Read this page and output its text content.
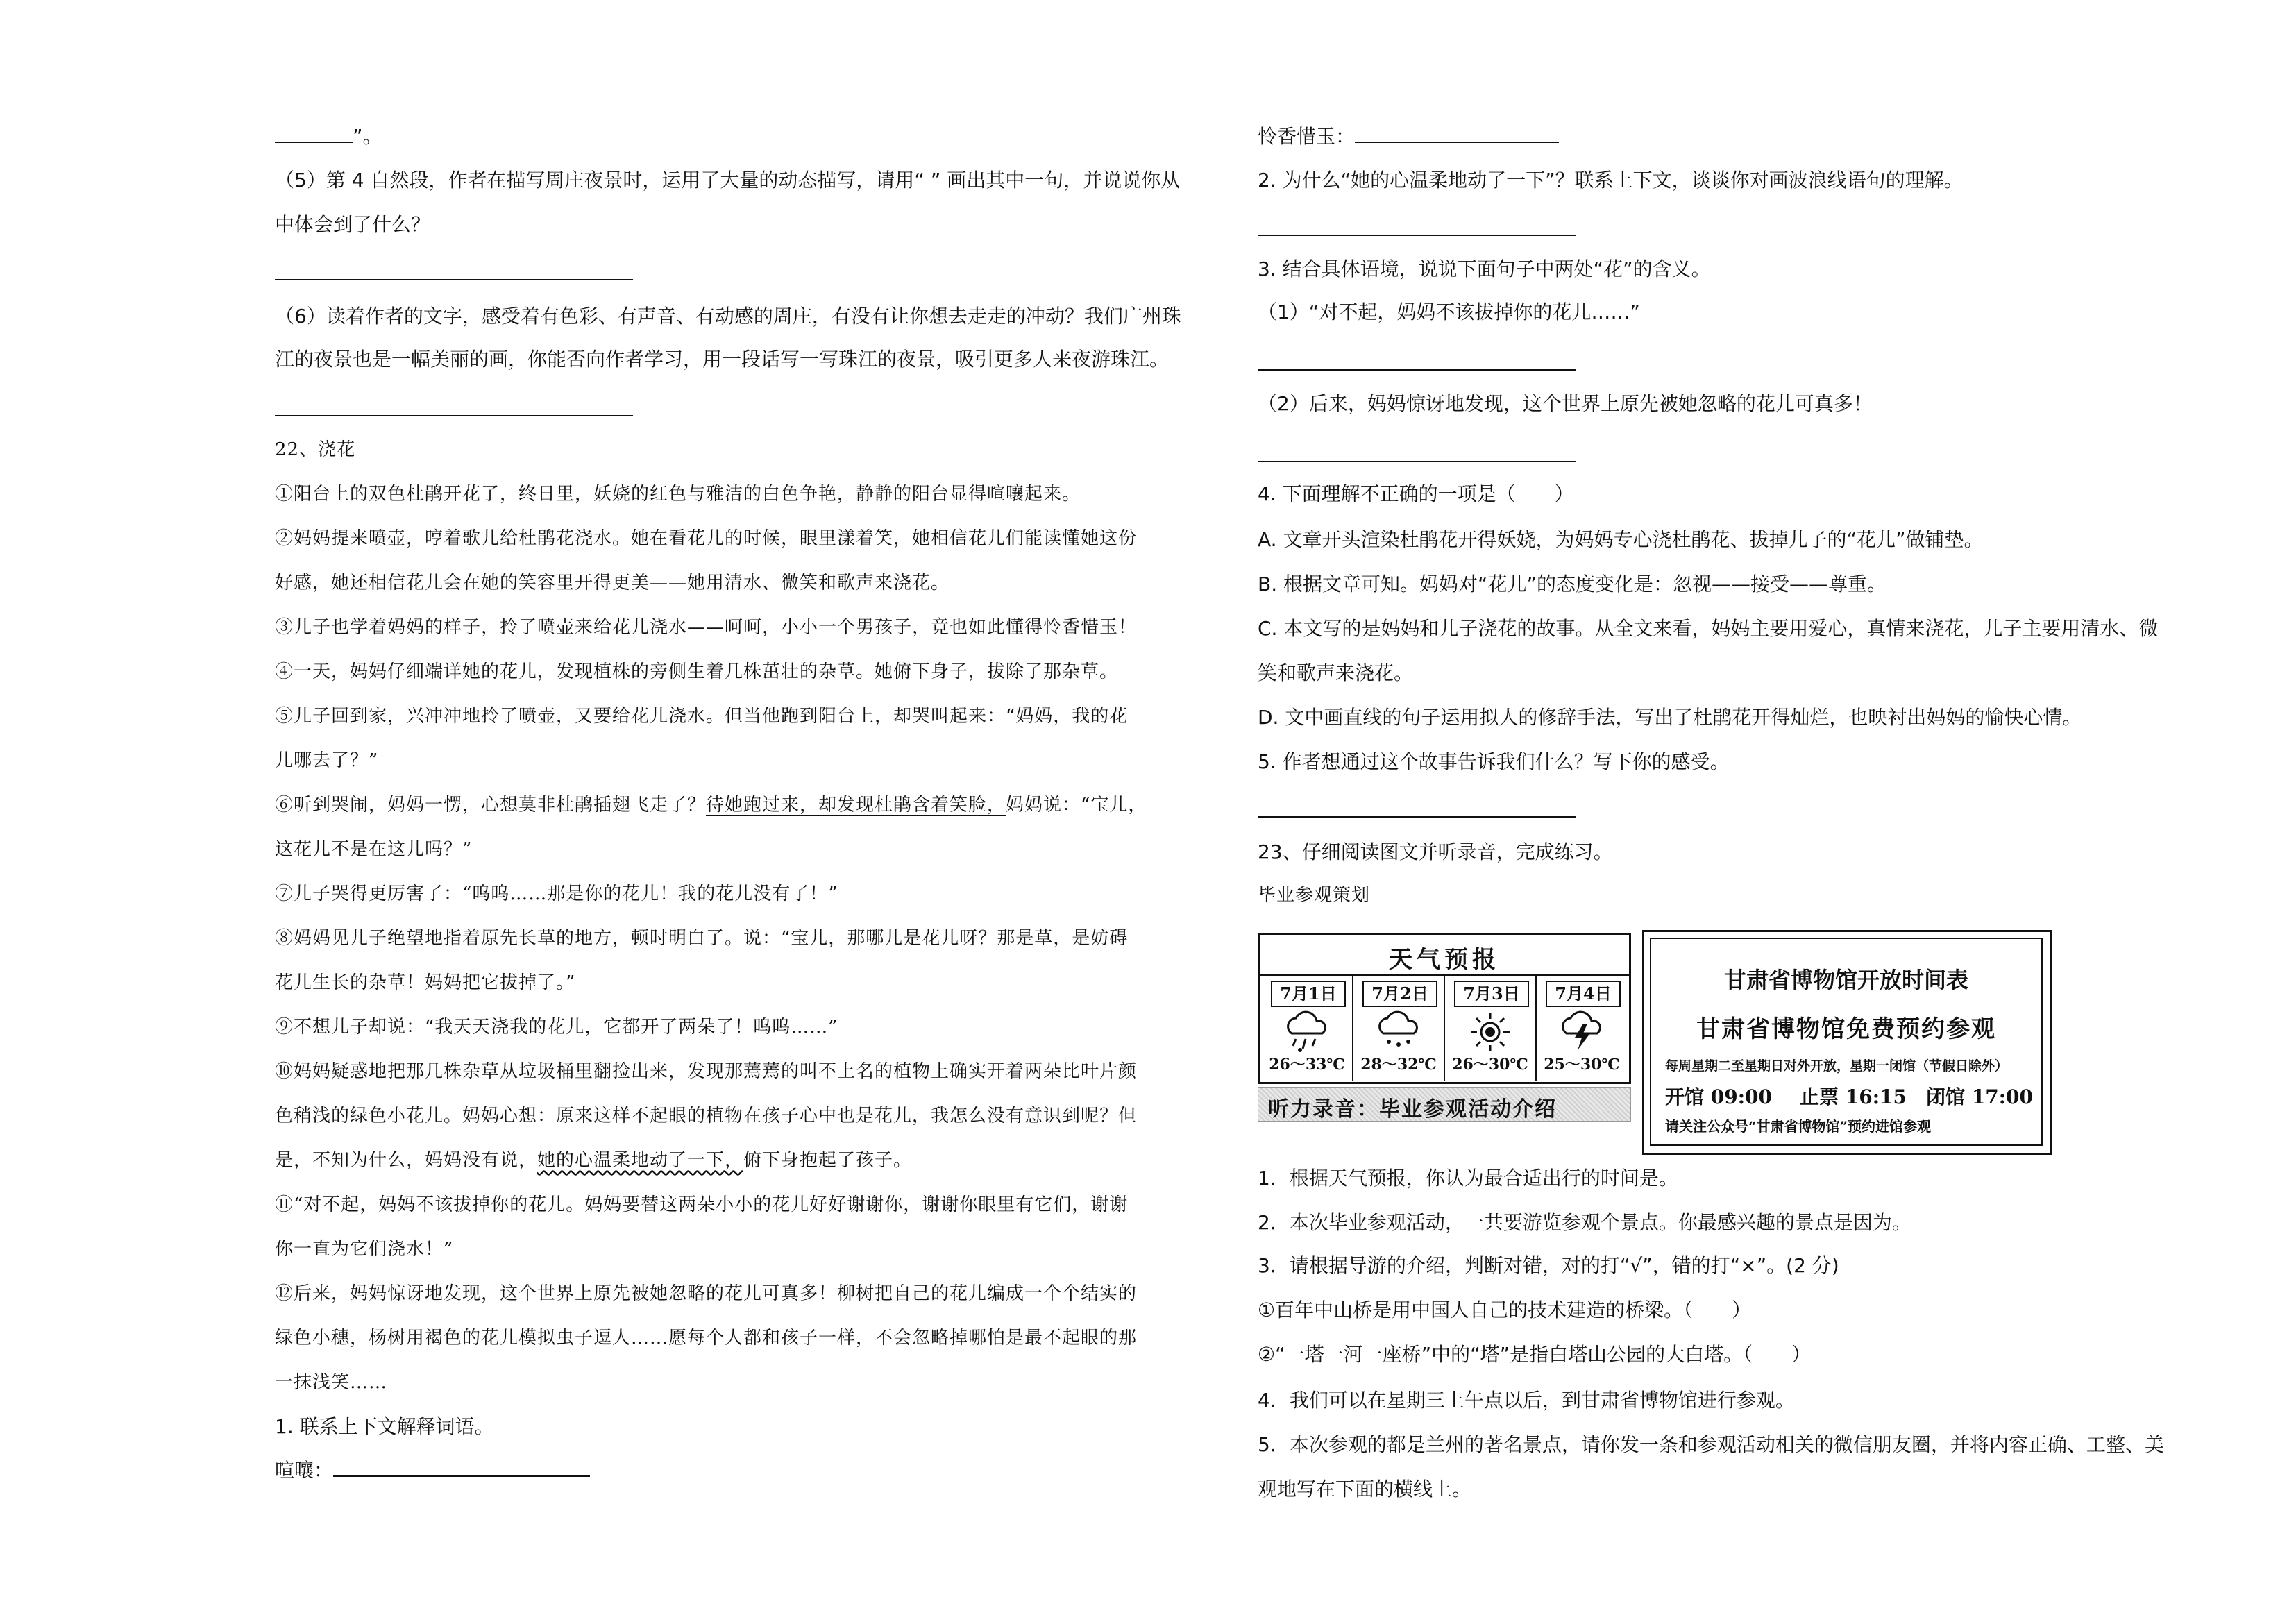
”。
（5）第 4 自然段，作者在描写周庄夜景时，运用了大量的动态描写，请用“ ” 画出其中一句，并说说你从
中体会到了什么？
（6）读着作者的文字，感受着有色彩、有声音、有动感的周庄，有没有让你想去走走的冲动？我们广州珠
江的夜景也是一幅美丽的画，你能否向作者学习，用一段话写一写珠江的夜景，吸引更多人来夜游珠江。
22、浇花
①阳台上的双色杜鹃开花了，终日里，妖娆的红色与雅洁的白色争艳，静静的阳台显得喧嚷起来。
②妈妈提来喷壶，哼着歌儿给杜鹃花浇水。她在看花儿的时候，眼里漾着笑，她相信花儿们能读懂她这份
好感，她还相信花儿会在她的笑容里开得更美——她用清水、微笑和歌声来浇花。
③儿子也学着妈妈的样子，拎了喷壶来给花儿浇水——呵呵，小小一个男孩子，竟也如此懂得怜香惜玉！
④一天，妈妈仔细端详她的花儿，发现植株的旁侧生着几株茁壮的杂草。她俯下身子，拔除了那杂草。
⑤儿子回到家，兴冲冲地拎了喷壶，又要给花儿浇水。但当他跑到阳台上，却哭叫起来：“妈妈，我的花
儿哪去了？”
⑥听到哭闹，妈妈一愣，心想莫非杜鹃插翅飞走了？待她跑过来，却发现杜鹃含着笑脸，妈妈说：“宝儿，
这花儿不是在这儿吗？”
⑦儿子哭得更厉害了：“呜呜……那是你的花儿！我的花儿没有了！”
⑧妈妈见儿子绝望地指着原先长草的地方，顿时明白了。说：“宝儿，那哪儿是花儿呀？那是草，是妨碍
花儿生长的杂草！妈妈把它拔掉了。”
⑨不想儿子却说：“我天天浇我的花儿，它都开了两朵了！呜呜……”
⑩妈妈疑惑地把那几株杂草从垃圾桶里翻捡出来，发现那蔫蔫的叫不上名的植物上确实开着两朵比叶片颜
色稍浅的绿色小花儿。妈妈心想：原来这样不起眼的植物在孩子心中也是花儿，我怎么没有意识到呢？但
是，不知为什么，妈妈没有说，她的心温柔地动了一下，俯下身抱起了孩子。
⑪“对不起，妈妈不该拔掉你的花儿。妈妈要替这两朵小小的花儿好好谢谢你，谢谢你眼里有它们，谢谢
你一直为它们浇水！”
⑫后来，妈妈惊讶地发现，这个世界上原先被她忽略的花儿可真多！柳树把自己的花儿编成一个个结实的
绿色小穗，杨树用褐色的花儿模拟虫子逗人……愿每个人都和孩子一样，不会忽略掉哪怕是最不起眼的那
一抹浅笑……
1. 联系上下文解释词语。
喧嚷：
怜香惜玉：
2. 为什么“她的心温柔地动了一下”？联系上下文，谈谈你对画波浪线语句的理解。
3. 结合具体语境，说说下面句子中两处“花”的含义。
（1）“对不起，妈妈不该拔掉你的花儿……”
（2）后来，妈妈惊讶地发现，这个世界上原先被她忽略的花儿可真多！
4. 下面理解不正确的一项是（　　）
A. 文章开头渲染杜鹃花开得妖娆，为妈妈专心浇杜鹃花、拔掉儿子的“花儿”做铺垫。
B. 根据文章可知。妈妈对“花儿”的态度变化是：忽视——接受——尊重。
C. 本文写的是妈妈和儿子浇花的故事。从全文来看，妈妈主要用爱心，真情来浇花，儿子主要用清水、微
笑和歌声来浇花。
D. 文中画直线的句子运用拟人的修辞手法，写出了杜鹃花开得灿烂，也映衬出妈妈的愉快心情。
5. 作者想通过这个故事告诉我们什么？写下你的感受。
23、仔细阅读图文并听录音，完成练习。
毕业参观策划
天气预报
7月1日
26～33℃
7月2日
28～32℃
7月3日
26～30℃
7月4日
25～30℃
听力录音：毕业参观活动介绍
甘肃省博物馆开放时间表
甘肃省博物馆免费预约参观
每周星期二至星期日对外开放，星期一闭馆（节假日除外）
开馆 09:00 止票 16:15 闭馆 17:00
请关注公众号“甘肃省博物馆”预约进馆参观
1．根据天气预报，你认为最合适出行的时间是。
2．本次毕业参观活动，一共要游览参观个景点。你最感兴趣的景点是因为。
3．请根据导游的介绍，判断对错，对的打“√”，错的打“×”。(2 分)
①百年中山桥是用中国人自己的技术建造的桥梁。（　　）
②“一塔一河一座桥”中的“塔”是指白塔山公园的大白塔。（　　）
4．我们可以在星期三上午点以后，到甘肃省博物馆进行参观。
5．本次参观的都是兰州的著名景点，请你发一条和参观活动相关的微信朋友圈，并将内容正确、工整、美
观地写在下面的横线上。
